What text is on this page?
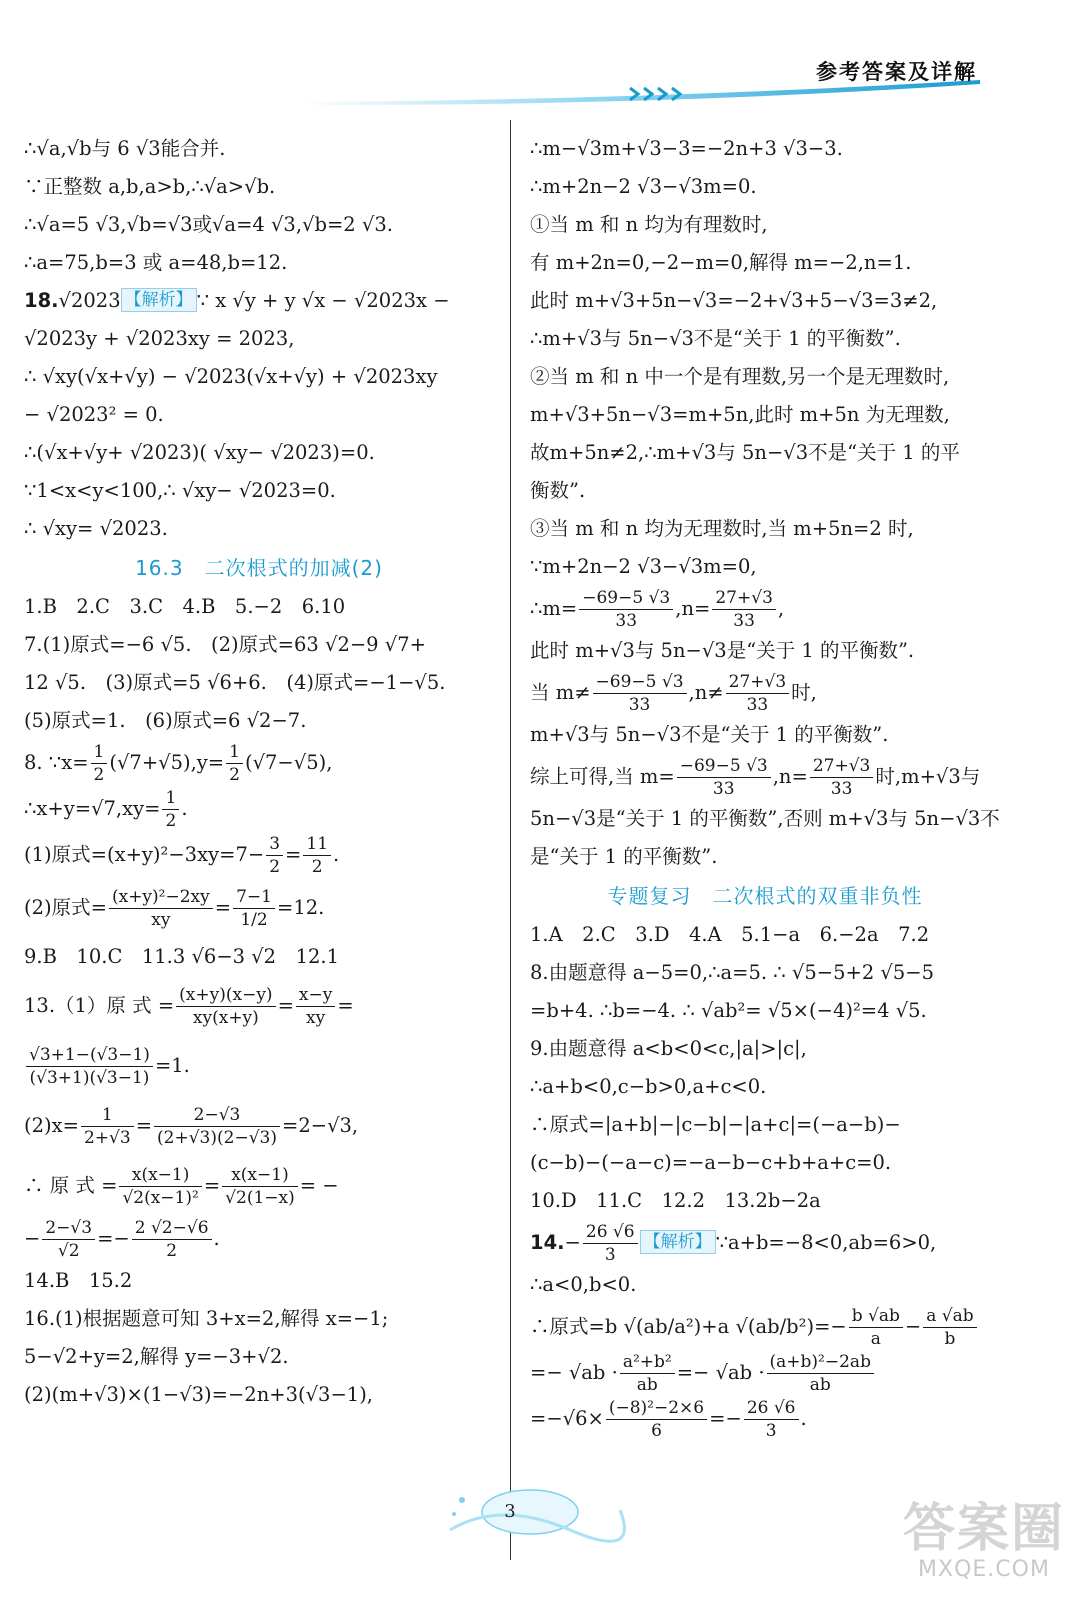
参考答案及详解
∴√a,√b与 6 √3能合并.
∵正整数 a,b,a>b,∴√a>√b.
∴√a=5 √3,√b=√3或√a=4 √3,√b=2 √3.
∴a=75,b=3 或 a=48,b=12.
18.√2023 【解析】 ∵ x √y + y √x − √2023x −
√2023y + √2023xy = 2023,
∴ √xy(√x+√y) − √2023(√x+√y) + √2023xy
− √2023² = 0.
∴(√x+√y+ √2023)( √xy− √2023)=0.
∵1<x<y<100,∴ √xy− √2023=0.
∴ √xy= √2023.
16.3　二次根式的加减(2)
1.B　2.C　3.C　4.B　5.−2　6.10
7.(1)原式=−6 √5.　(2)原式=63 √2−9 √7+
12 √5.　(3)原式=5 √6+6.　(4)原式=−1−√5.
(5)原式=1.　(6)原式=6 √2−7.
8. ∵x= $\frac{1}{2} (√7+√5),y= \frac{1}{2} (√7-√5)$,
∴x+y=√7,xy= $\frac{1}{2}$ .
(1)原式$=(x+y)^2-3xy=7- \frac{3}{2} = \frac{11}{2}$ .
(2)原式= $\frac{\text{(x+y)²−2xy}}{xy} = \frac{7-1}{1/2} =12$.
9.B　10.C　11.3 √6−3 √2　12.1
13.（1）原 式 = $\frac{(x+y)(x-y)}{xy(x+y)} = \frac{x-y}{xy}$ =
$\frac{√3+1-(√3-1)}{(√3+1)(√3-1)} =1$.
$(2)x= \frac{1}{2+√3} = \frac{2-√3}{(2+√3)(2-√3)} =2-√3$,
∴ 原 式 = $\frac{x(x-1)}{\text{√2(x−1)²}} = \frac{x(x-1)}{√2(1-x)}$ = −
− $\frac{2-√3}{√2} =- \frac{2 √2-√6}{2}$ .
14.B　15.2
16.(1)根据题意可知 3+x=2,解得 x=−1;
5−√2+y=2,解得 y=−3+√2.
(2)(m+√3)×(1−√3)=−2n+3(√3−1),
∴m−√3m+√3−3=−2n+3 √3−3.
∴m+2n−2 √3−√3m=0.
①当 m 和 n 均为有理数时,
有 m+2n=0,−2−m=0,解得 m=−2,n=1.
此时 m+√3+5n−√3=−2+√3+5−√3=3≠2,
∴m+√3与 5n−√3不是“关于 1 的平衡数”.
②当 m 和 n 中一个是有理数,另一个是无理数时,
m+√3+5n−√3=m+5n,此时 m+5n 为无理数,
故m+5n≠2,∴m+√3与 5n−√3不是“关于 1 的平
衡数”.
③当 m 和 n 均为无理数时,当 m+5n=2 时,
∵m+2n−2 √3−√3m=0,
∴m= $\frac{-69-5 √3}{33} ,n= \frac{27+√3}{33}$ ,
此时 m+√3与 5n−√3是“关于 1 的平衡数”.
当 $m\ne \frac{-69-5 √3}{33} ,n\ne \frac{27+√3}{33}$ 时,
m+√3与 5n−√3不是“关于 1 的平衡数”.
综上可得,当 $m= \frac{-69-5 √3}{33} ,n= \frac{27+√3}{33}$ 时,m+√3与
5n−√3是“关于 1 的平衡数”,否则 m+√3与 5n−√3不
是“关于 1 的平衡数”.
专题复习　二次根式的双重非负性
1.A　2.C　3.D　4.A　5.1−a　6.−2a　7.2
8.由题意得 a−5=0,∴a=5. ∴ √5−5+2 √5−5
=b+4. ∴b=−4. ∴ √ab²= √5×(−4)²=4 √5.
9.由题意得 a<b<0<c,|a|>|c|,
∴a+b<0,c−b>0,a+c<0.
∴原式=|a+b|−|c−b|−|a+c|=(−a−b)−
(c−b)−(−a−c)=−a−b−c+b+a+c=0.
10.D　11.C　12.2　13.2b−2a
$14.- \frac{26 √6}{3}$ 【解析】 ∵a+b=−8<0,ab=6>0,
∴a<0,b<0.
∴原式=b √(ab/a²)+a $√(ab/b^2)=- \frac{b √ab}{a} - \frac{a √ab}{b}$
=− $√ab \cdot \frac{\text{a²+b²}}{ab} =- √ab \cdot \frac{\text{(a+b)²−2ab}}{ab}$
$=-√6\times \frac{\text{(−8)²−2×6}}{6} =- \frac{26 √6}{3}$ .
3	答案圈
MXQE.COM
